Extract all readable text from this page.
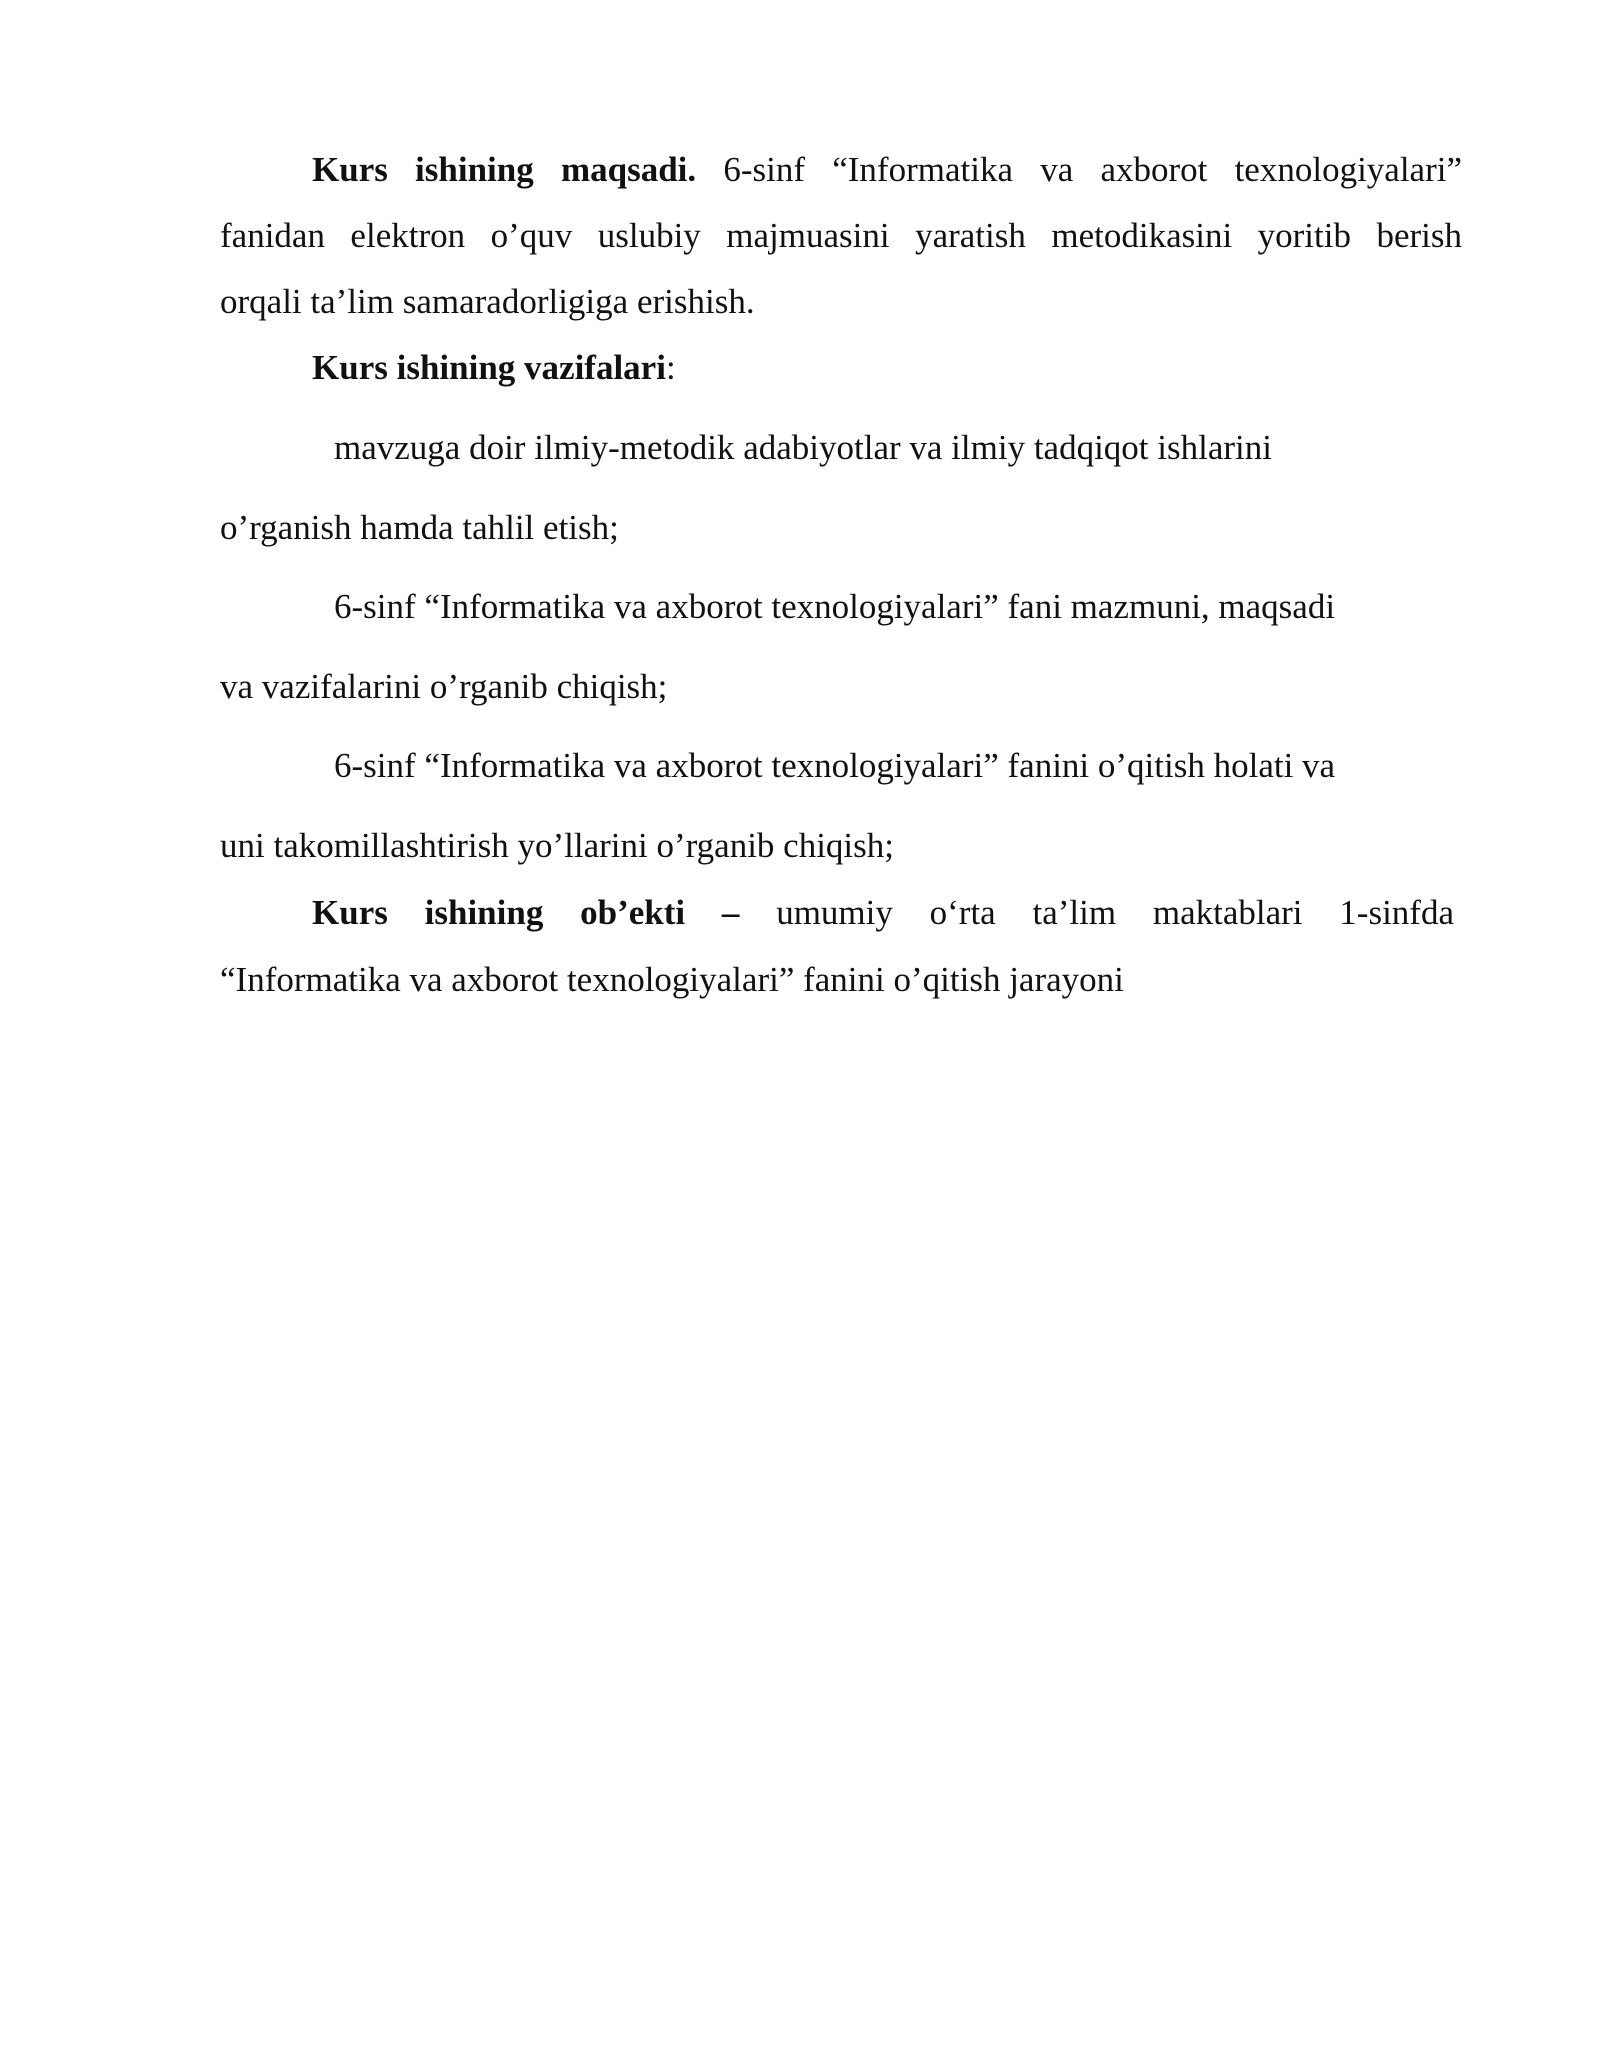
Kurs ishining maqsadi. 6-sinf “Informatika va axborot texnologiyalari”
fanidan elektron o’quv uslubiy majmuasini yaratish metodikasini yoritib berish
orqali ta’lim samaradorligiga erishish.
Kurs ishining vazifalari:
mavzuga doir ilmiy-metodik adabiyotlar va ilmiy tadqiqot ishlarini
o’rganish hamda tahlil etish;
6-sinf “Informatika va axborot texnologiyalari” fani mazmuni, maqsadi
va vazifalarini o’rganib chiqish;
6-sinf “Informatika va axborot texnologiyalari” fanini o’qitish holati va
uni takomillashtirish yo’llarini o’rganib chiqish;
Kurs ishining ob’ekti – umumiy o‘rta ta’lim maktablari 1-sinfda
“Informatika va axborot texnologiyalari” fanini o’qitish jarayoni
